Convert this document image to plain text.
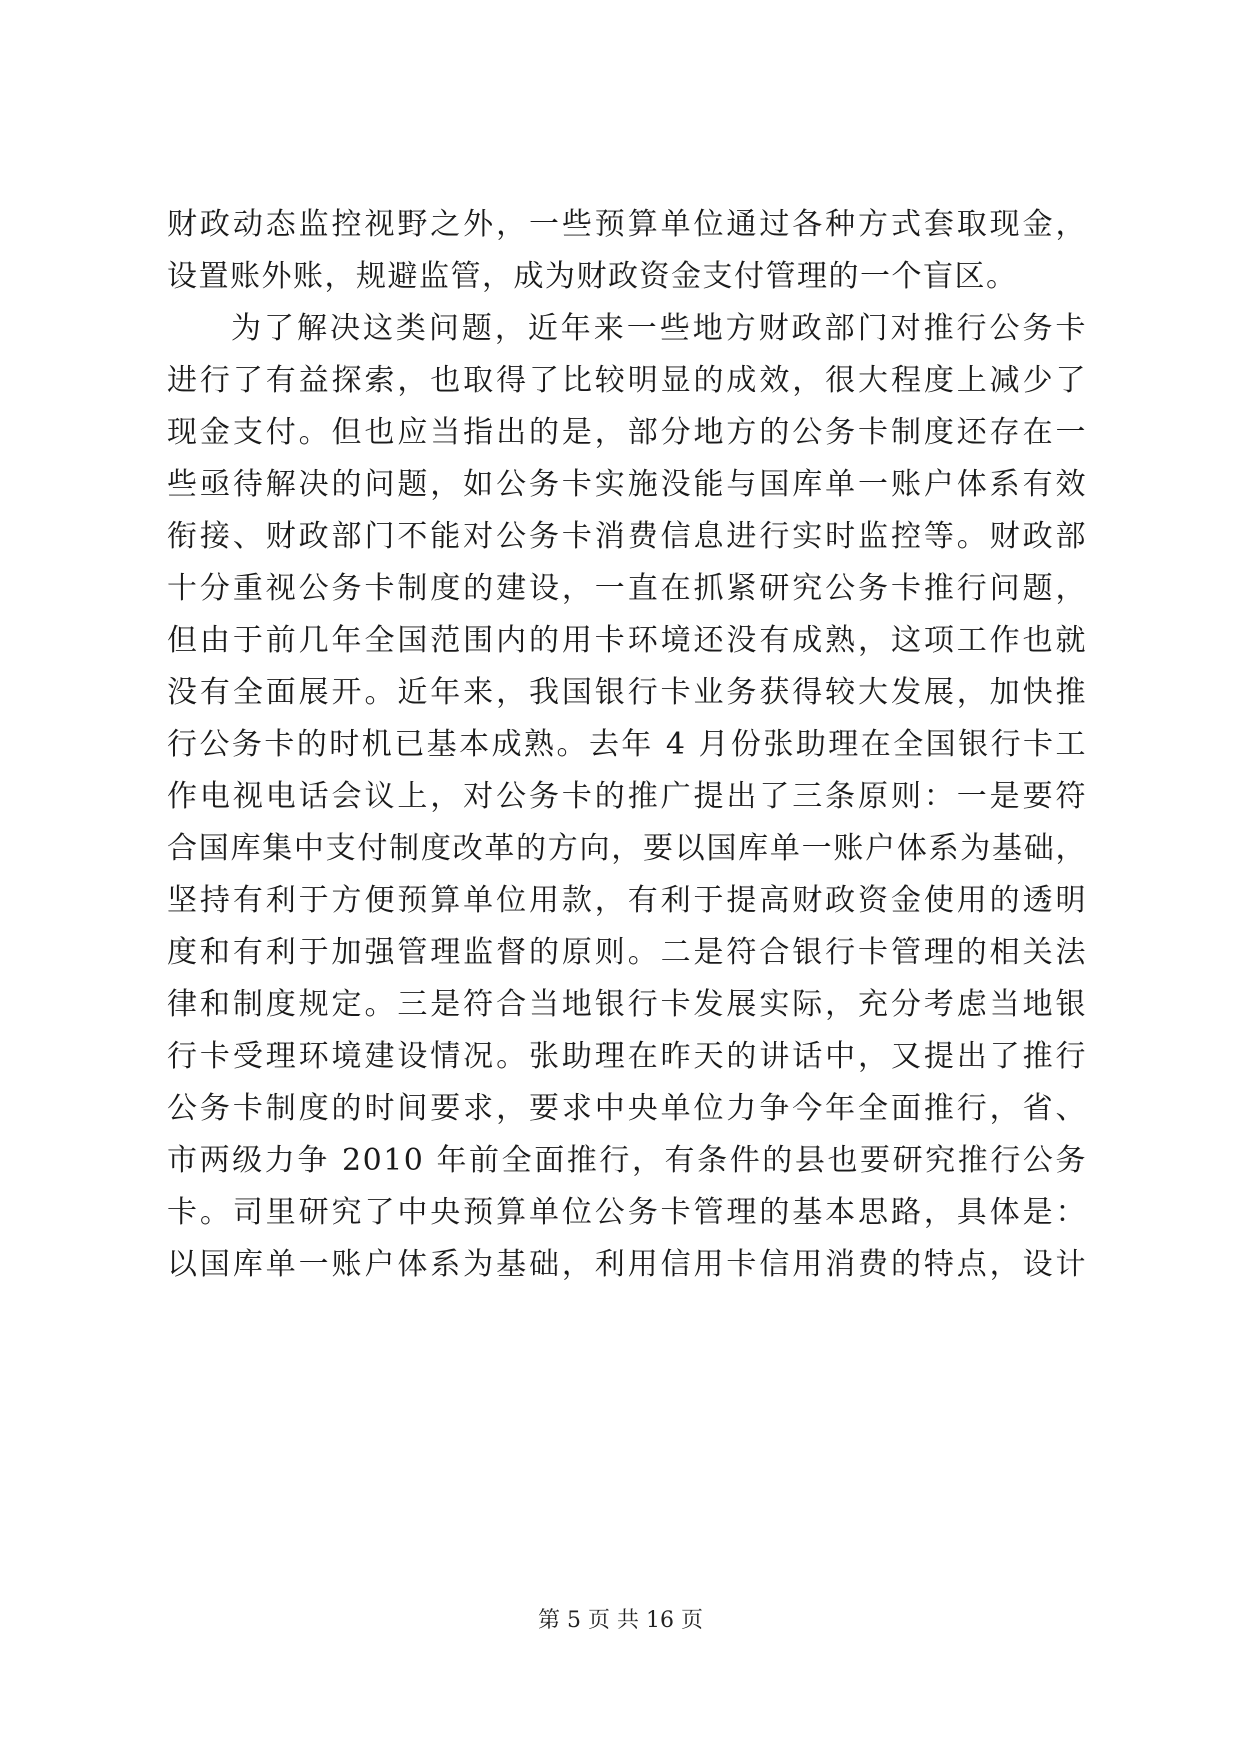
财政动态监控视野之外，一些预算单位通过各种方式套取现金，
设置账外账，规避监管，成为财政资金支付管理的一个盲区。
为了解决这类问题，近年来一些地方财政部门对推行公务卡
进行了有益探索，也取得了比较明显的成效，很大程度上减少了
现金支付。但也应当指出的是，部分地方的公务卡制度还存在一
些亟待解决的问题，如公务卡实施没能与国库单一账户体系有效
衔接、财政部门不能对公务卡消费信息进行实时监控等。财政部
十分重视公务卡制度的建设，一直在抓紧研究公务卡推行问题，
但由于前几年全国范围内的用卡环境还没有成熟，这项工作也就
没有全面展开。近年来，我国银行卡业务获得较大发展，加快推
行公务卡的时机已基本成熟。去年 4 月份张助理在全国银行卡工
作电视电话会议上，对公务卡的推广提出了三条原则：一是要符
合国库集中支付制度改革的方向，要以国库单一账户体系为基础，
坚持有利于方便预算单位用款，有利于提高财政资金使用的透明
度和有利于加强管理监督的原则。二是符合银行卡管理的相关法
律和制度规定。三是符合当地银行卡发展实际，充分考虑当地银
行卡受理环境建设情况。张助理在昨天的讲话中，又提出了推行
公务卡制度的时间要求，要求中央单位力争今年全面推行，省、
市两级力争 2010 年前全面推行，有条件的县也要研究推行公务
卡。司里研究了中央预算单位公务卡管理的基本思路，具体是：
以国库单一账户体系为基础，利用信用卡信用消费的特点，设计
第 5 页 共 16 页
